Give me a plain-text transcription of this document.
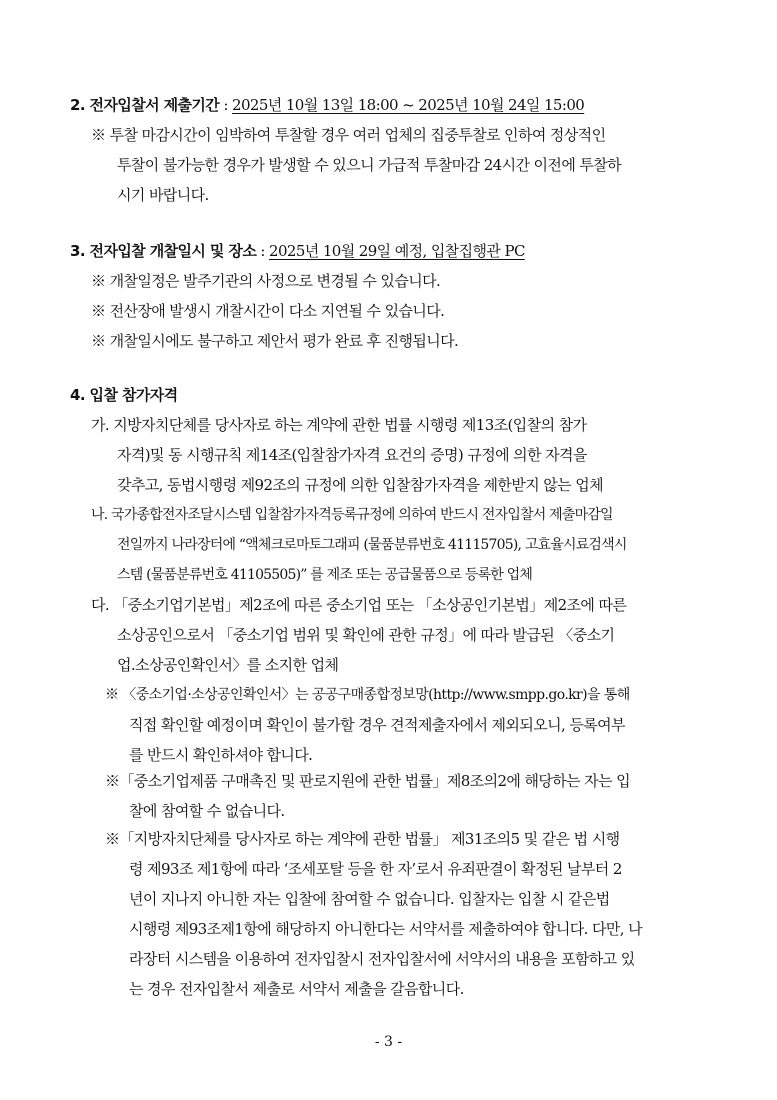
2. 전자입찰서 제출기간 : 2025년 10월 13일 18:00 ~ 2025년 10월 24일 15:00
※ 투찰 마감시간이 임박하여 투찰할 경우 여러 업체의 집중투찰로 인하여 정상적인
투찰이 불가능한 경우가 발생할 수 있으니 가급적 투찰마감 24시간 이전에 투찰하
시기 바랍니다.
3. 전자입찰 개찰일시 및 장소 : 2025년 10월 29일 예정, 입찰집행관 PC
※ 개찰일정은 발주기관의 사정으로 변경될 수 있습니다.
※ 전산장애 발생시 개찰시간이 다소 지연될 수 있습니다.
※ 개찰일시에도 불구하고 제안서 평가 완료 후 진행됩니다.
4. 입찰 참가자격
가. 지방자치단체를 당사자로 하는 계약에 관한 법률 시행령 제13조(입찰의 참가
자격)및 동 시행규칙 제14조(입찰참가자격 요건의 증명) 규정에 의한 자격을
갖추고, 동법시행령 제92조의 규정에 의한 입찰참가자격을 제한받지 않는 업체
나. 국가종합전자조달시스템 입찰참가자격등록규정에 의하여 반드시 전자입찰서 제출마감일
전일까지 나라장터에 “액체크로마토그래피 (물품분류번호 41115705), 고효율시료검색시
스템 (물품분류번호 41105505)” 를 제조 또는 공급물품으로 등록한 업체
다. 「중소기업기본법」제2조에 따른 중소기업 또는 「소상공인기본법」제2조에 따른
소상공인으로서 「중소기업 범위 및 확인에 관한 규정」에 따라 발급된 〈중소기
업.소상공인확인서〉를 소지한 업체
※ 〈중소기업·소상공인확인서〉는 공공구매종합정보망(http://www.smpp.go.kr)을 통해
직접 확인할 예정이며 확인이 불가할 경우 견적제출자에서 제외되오니, 등록여부
를 반드시 확인하셔야 합니다.
※「중소기업제품 구매촉진 및 판로지원에 관한 법률」제8조의2에 해당하는 자는 입
찰에 참여할 수 없습니다.
※「지방자치단체를 당사자로 하는 계약에 관한 법률」 제31조의5 및 같은 법 시행
령 제93조 제1항에 따라 ‘조세포탈 등을 한 자’로서 유죄판결이 확정된 날부터 2
년이 지나지 아니한 자는 입찰에 참여할 수 없습니다. 입찰자는 입찰 시 같은법
시행령 제93조제1항에 해당하지 아니한다는 서약서를 제출하여야 합니다. 다만, 나
라장터 시스템을 이용하여 전자입찰시 전자입찰서에 서약서의 내용을 포함하고 있
는 경우 전자입찰서 제출로 서약서 제출을 갈음합니다.
- 3 -
